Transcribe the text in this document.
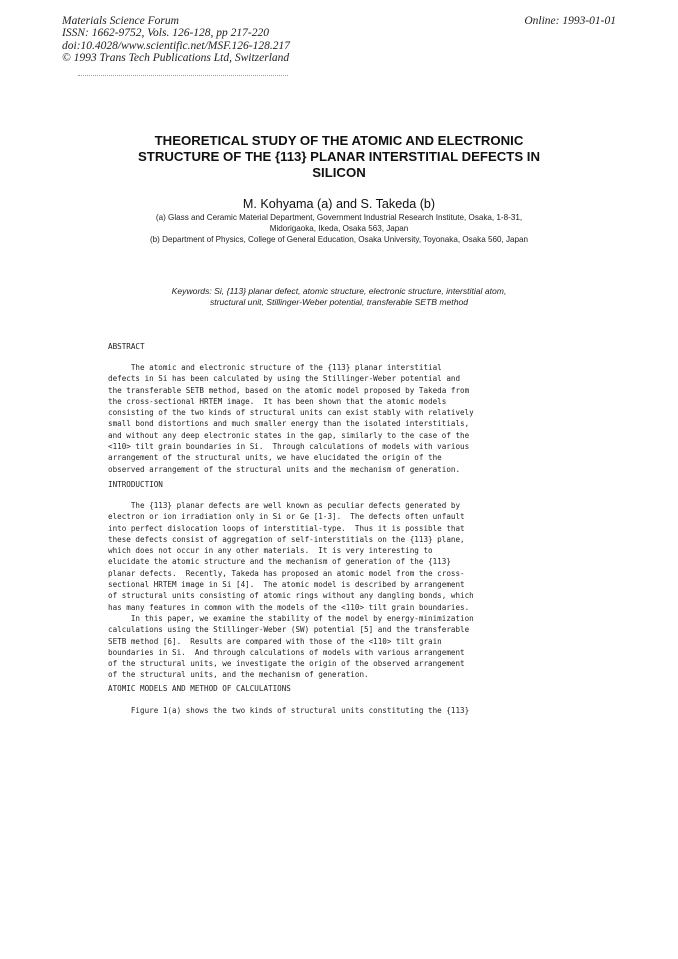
Materials Science Forum
ISSN: 1662-9752, Vols. 126-128, pp 217-220
doi:10.4028/www.scientific.net/MSF.126-128.217
© 1993 Trans Tech Publications Ltd, Switzerland
Online: 1993-01-01
THEORETICAL STUDY OF THE ATOMIC AND ELECTRONIC
STRUCTURE OF THE {113} PLANAR INTERSTITIAL DEFECTS IN
SILICON
M. Kohyama (a) and S. Takeda (b)
(a) Glass and Ceramic Material Department, Government Industrial Research Institute, Osaka, 1-8-31,
Midorigaoka, Ikeda, Osaka 563, Japan
(b) Department of Physics, College of General Education, Osaka University, Toyonaka, Osaka 560, Japan
Keywords: Si, {113} planar defect, atomic structure, electronic structure, interstitial atom,
structural unit, Stillinger-Weber potential, transferable SETB method
ABSTRACT
The atomic and electronic structure of the {113} planar interstitial
defects in Si has been calculated by using the Stillinger-Weber potential and
the transferable SETB method, based on the atomic model proposed by Takeda from
the cross-sectional HRTEM image.  It has been shown that the atomic models
consisting of the two kinds of structural units can exist stably with relatively
small bond distortions and much smaller energy than the isolated interstitials,
and without any deep electronic states in the gap, similarly to the case of the
<110> tilt grain boundaries in Si.  Through calculations of models with various
arrangement of the structural units, we have elucidated the origin of the
observed arrangement of the structural units and the mechanism of generation.
INTRODUCTION
The {113} planar defects are well known as peculiar defects generated by
electron or ion irradiation only in Si or Ge [1-3].  The defects often unfault
into perfect dislocation loops of interstitial-type.  Thus it is possible that
these defects consist of aggregation of self-interstitials on the {113} plane,
which does not occur in any other materials.  It is very interesting to
elucidate the atomic structure and the mechanism of generation of the {113}
planar defects.  Recently, Takeda has proposed an atomic model from the cross-
sectional HRTEM image in Si [4].  The atomic model is described by arrangement
of structural units consisting of atomic rings without any dangling bonds, which
has many features in common with the models of the <110> tilt grain boundaries.
In this paper, we examine the stability of the model by energy-minimization
calculations using the Stillinger-Weber (SW) potential [5] and the transferable
SETB method [6].  Results are compared with those of the <110> tilt grain
boundaries in Si.  And through calculations of models with various arrangement
of the structural units, we investigate the origin of the observed arrangement
of the structural units, and the mechanism of generation.
ATOMIC MODELS AND METHOD OF CALCULATIONS
Figure 1(a) shows the two kinds of structural units constituting the {113}
